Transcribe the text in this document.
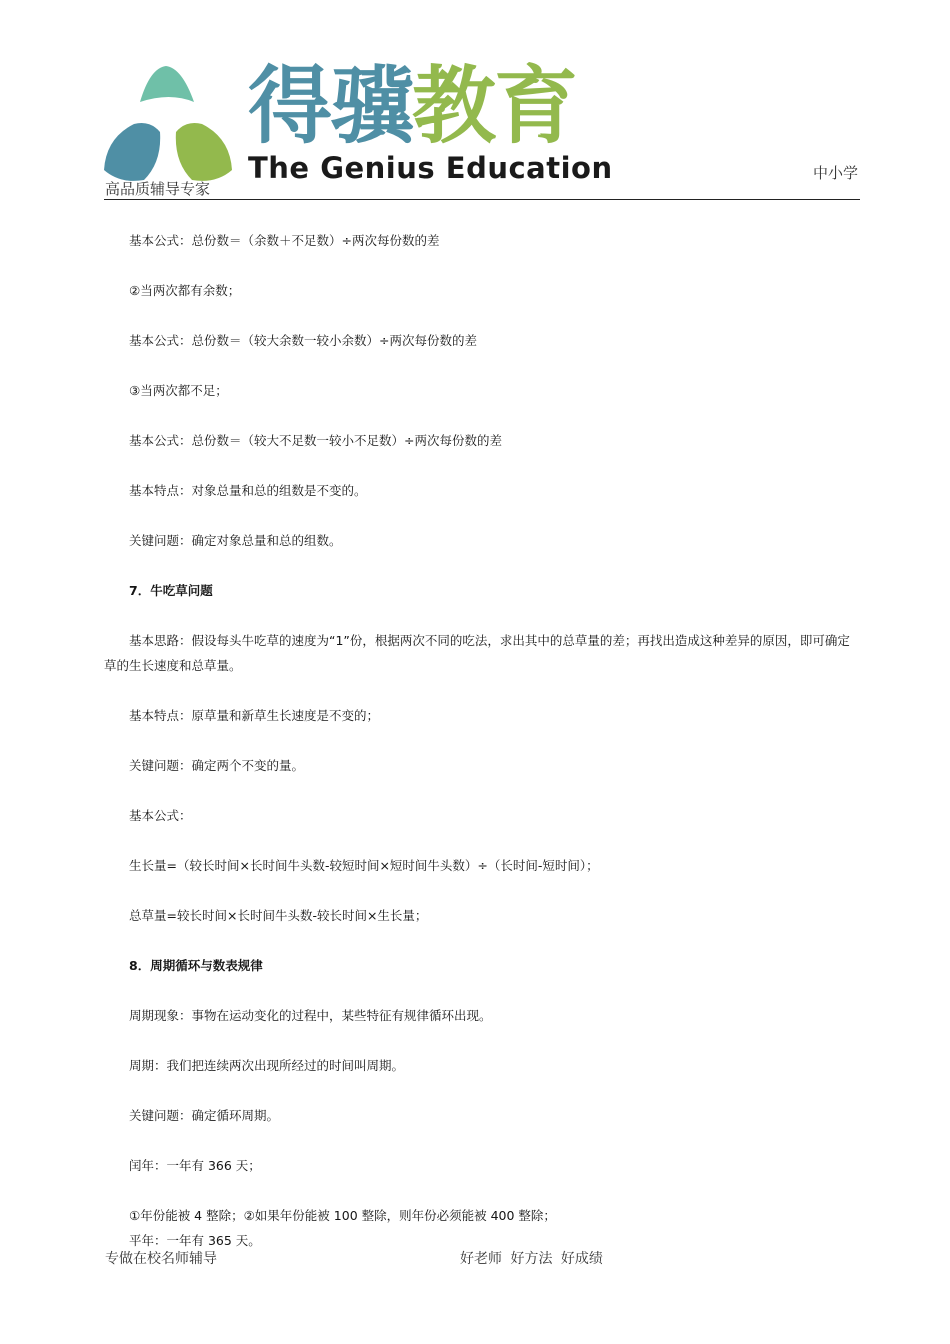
得骥教育
The Genius Education
高品质辅导专家
中小学

基本公式：总份数＝（余数＋不足数）÷两次每份数的差

②当两次都有余数；

基本公式：总份数＝（较大余数一较小余数）÷两次每份数的差

③当两次都不足；

基本公式：总份数＝（较大不足数一较小不足数）÷两次每份数的差

基本特点：对象总量和总的组数是不变的。

关键问题：确定对象总量和总的组数。

7．牛吃草问题

基本思路：假设每头牛吃草的速度为“1”份，根据两次不同的吃法，求出其中的总草量的差；再找出造成这种差异的原因，即可确定草的生长速度和总草量。

基本特点：原草量和新草生长速度是不变的；

关键问题：确定两个不变的量。

基本公式：

生长量=（较长时间×长时间牛头数-较短时间×短时间牛头数）÷（长时间-短时间）；

总草量=较长时间×长时间牛头数-较长时间×生长量；

8．周期循环与数表规律

周期现象：事物在运动变化的过程中，某些特征有规律循环出现。

周期：我们把连续两次出现所经过的时间叫周期。

关键问题：确定循环周期。

闰年：一年有 366 天；

①年份能被 4 整除；②如果年份能被 100 整除，则年份必须能被 400 整除；

平年：一年有 365 天。

专做在校名师辅导	好老师 好方法 好成绩
